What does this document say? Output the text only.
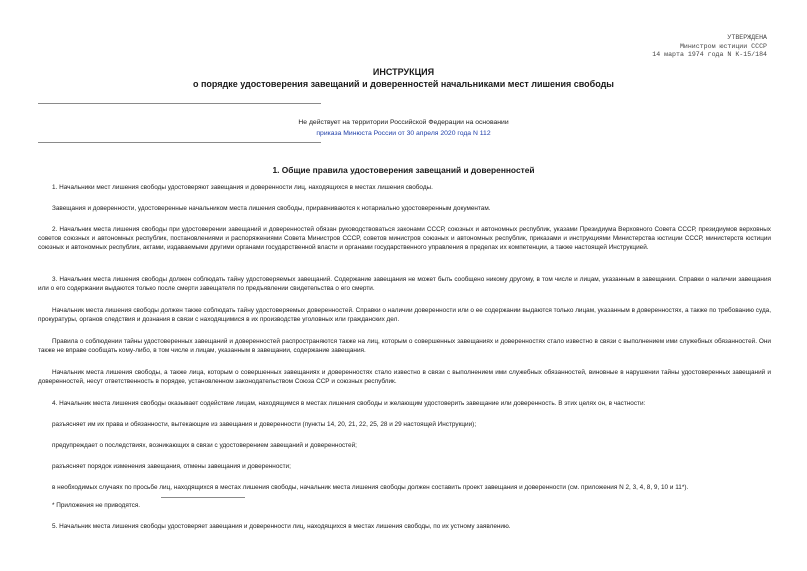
УТВЕРЖДЕНА
Министром юстиции СССР
14 марта 1974 года N К-15/184
ИНСТРУКЦИЯ
о порядке удостоверения завещаний и доверенностей начальниками мест лишения свободы
Не действует на территории Российской Федерации на основании
приказа Минюста России от 30 апреля 2020 года N 112
1. Общие правила удостоверения завещаний и доверенностей
1. Начальники мест лишения свободы удостоверяют завещания и доверенности лиц, находящихся в местах лишения свободы.
Завещания и доверенности, удостоверенные начальником места лишения свободы, приравниваются к нотариально удостоверенным документам.
2. Начальник места лишения свободы при удостоверении завещаний и доверенностей обязан руководствоваться законами СССР, союзных и автономных республик, указами Президиума Верховного Совета СССР, президиумов верховных советов союзных и автономных республик, постановлениями и распоряжениями Совета Министров СССР, советов министров союзных и автономных республик, приказами и инструкциями Министерства юстиции СССР, министерств юстиции союзных и автономных республик, актами, издаваемыми другими органами государственной власти и органами государственного управления в пределах их компетенции, а также настоящей Инструкцией.
3. Начальник места лишения свободы должен соблюдать тайну удостоверяемых завещаний. Содержание завещания не может быть сообщено никому другому, в том числе и лицам, указанным в завещании. Справки о наличии завещания или о его содержании выдаются только после смерти завещателя по предъявлении свидетельства о его смерти.
Начальник места лишения свободы должен также соблюдать тайну удостоверяемых доверенностей. Справки о наличии доверенности или о ее содержании выдаются только лицам, указанным в доверенностях, а также по требованию суда, прокуратуры, органов следствия и дознания в связи с находящимися в их производстве уголовных или гражданских дел.
Правила о соблюдении тайны удостоверенных завещаний и доверенностей распространяются также на лиц, которым о совершенных завещаниях и доверенностях стало известно в связи с выполнением ими служебных обязанностей. Они также не вправе сообщать кому-либо, в том числе и лицам, указанным в завещании, содержание завещания.
Начальник места лишения свободы, а также лица, которым о совершенных завещаниях и доверенностях стало известно в связи с выполнением ими служебных обязанностей, виновные в нарушении тайны удостоверенных завещаний и доверенностей, несут ответственность в порядке, установленном законодательством Союза ССР и союзных республик.
4. Начальник места лишения свободы оказывает содействие лицам, находящимся в местах лишения свободы и желающим удостоверить завещание или доверенность. В этих целях он, в частности:
разъясняет им их права и обязанности, вытекающие из завещания и доверенности (пункты 14, 20, 21, 22, 25, 28 и 29 настоящей Инструкции);
предупреждает о последствиях, возникающих в связи с удостоверением завещаний и доверенностей;
разъясняет порядок изменения завещания, отмены завещания и доверенности;
в необходимых случаях по просьбе лиц, находящихся в местах лишения свободы, начальник места лишения свободы должен составить проект завещания и доверенности (см. приложения N 2, 3, 4, 8, 9, 10 и 11*).
* Приложения не приводятся.
5. Начальник места лишения свободы удостоверяет завещания и доверенности лиц, находящихся в местах лишения свободы, по их устному заявлению.
